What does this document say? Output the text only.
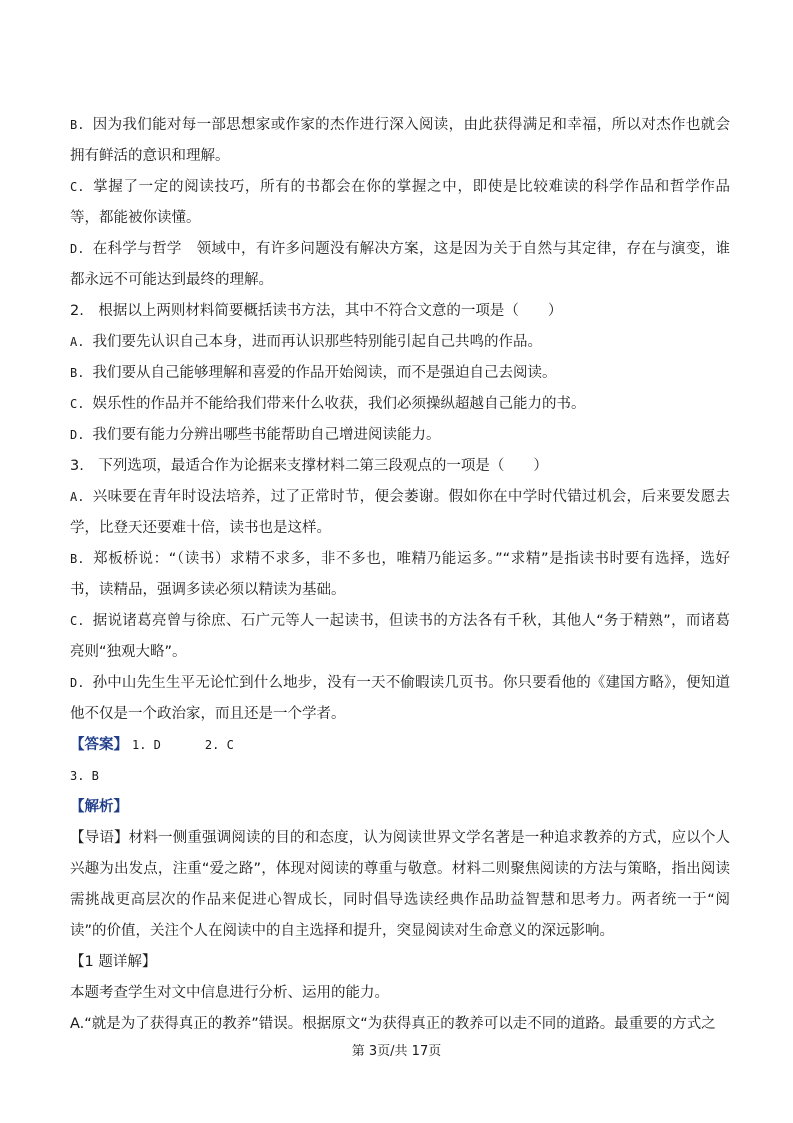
B. 因为我们能对每一部思想家或作家的杰作进行深入阅读，由此获得满足和幸福，所以对杰作也就会拥有鲜活的意识和理解。

C. 掌握了一定的阅读技巧，所有的书都会在你的掌握之中，即使是比较难读的科学作品和哲学作品等，都能被你读懂。

D. 在科学与哲学　领域中，有许多问题没有解决方案，这是因为关于自然与其定律，存在与演变，谁都永远不可能达到最终的理解。

2.　根据以上两则材料简要概括读书方法，其中不符合文意的一项是（　　）

A. 我们要先认识自己本身，进而再认识那些特别能引起自己共鸣的作品。

B. 我们要从自己能够理解和喜爱的作品开始阅读，而不是强迫自己去阅读。

C. 娱乐性的作品并不能给我们带来什么收获，我们必须操纵超越自己能力的书。

D. 我们要有能力分辨出哪些书能帮助自己增进阅读能力。

3.　下列选项，最适合作为论据来支撑材料二第三段观点的一项是（　　）

A. 兴味要在青年时设法培养，过了正常时节，便会萎谢。假如你在中学时代错过机会，后来要发愿去学，比登天还要难十倍，读书也是这样。

B. 郑板桥说：“（读书）求精不求多，非不多也，唯精乃能运多。”“求精”是指读书时要有选择，选好书，读精品，强调多读必须以精读为基础。

C. 据说诸葛亮曾与徐庶、石广元等人一起读书，但读书的方法各有千秋，其他人“务于精熟”，而诸葛亮则“独观大略”。

D. 孙中山先生生平无论忙到什么地步，没有一天不偷暇读几页书。你只要看他的《建国方略》，便知道他不仅是一个政治家，而且还是一个学者。

【答案】 1. D	2. C

3. B

【解析】

【导语】材料一侧重强调阅读的目的和态度，认为阅读世界文学名著是一种追求教养的方式，应以个人兴趣为出发点，注重“爱之路”，体现对阅读的尊重与敬意。材料二则聚焦阅读的方法与策略，指出阅读需挑战更高层次的作品来促进心智成长，同时倡导选读经典作品助益智慧和思考力。两者统一于“阅读”的价值，关注个人在阅读中的自主选择和提升，突显阅读对生命意义的深远影响。

【1 题详解】

本题考查学生对文中信息进行分析、运用的能力。

A.“就是为了获得真正的教养”错误。根据原文“为获得真正的教养可以走不同的道路。最重要的方式之

第 3页/共 17页
